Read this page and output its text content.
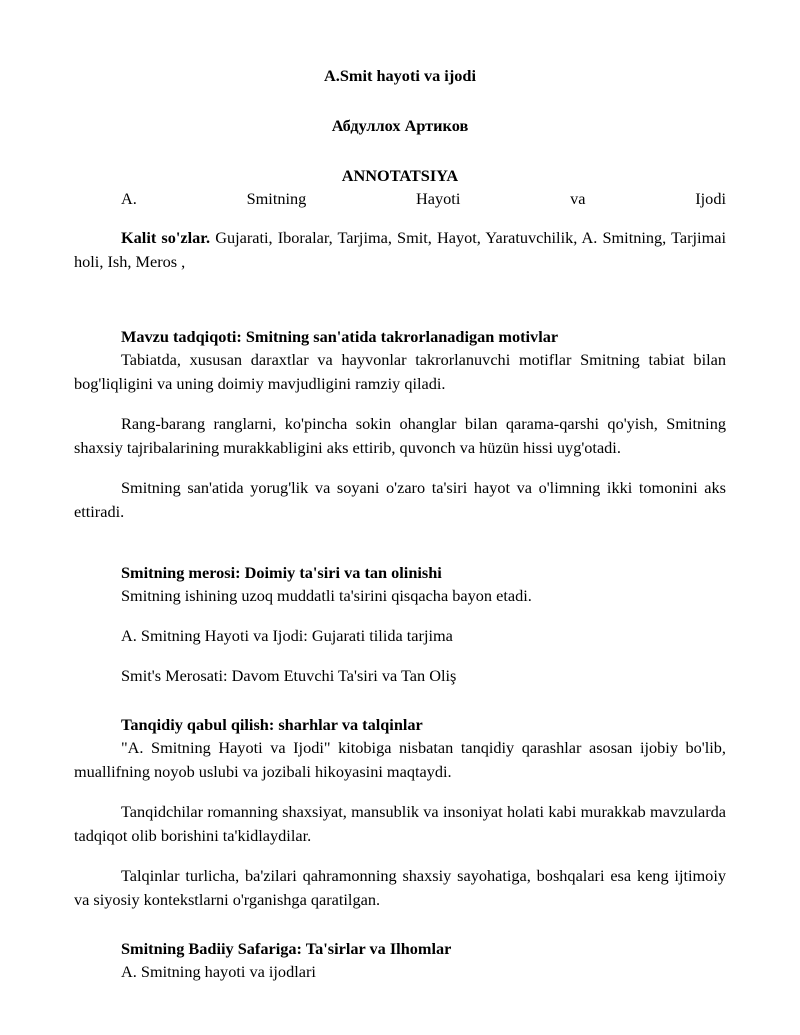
A.Smit hayoti va ijodi
Абдуллох Артиков
ANNOTATSIYA
A.	Smitning	Hayoti	va	Ijodi

Kalit so'zlar. Gujarati, Iboralar, Tarjima, Smit, Hayot, Yaratuvchilik, A. Smitning, Tarjimai holi, Ish, Meros ,

Mavzu tadqiqoti: Smitning san'atida takrorlanadigan motivlar

Tabiatda, xususan daraxtlar va hayvonlar takrorlanuvchi motiflar Smitning tabiat bilan bog'liqligini va uning doimiy mavjudligini ramziy qiladi.

Rang-barang ranglarni, ko'pincha sokin ohanglar bilan qarama-qarshi qo'yish, Smitning shaxsiy tajribalarining murakkabligini aks ettirib, quvonch va hüzün hissi uyg'otadi.

Smitning san'atida yorug'lik va soyani o'zaro ta'siri hayot va o'limning ikki tomonini aks ettiradi.

Smitning merosi: Doimiy ta'siri va tan olinishi

Smitning ishining uzoq muddatli ta'sirini qisqacha bayon etadi.

A. Smitning Hayoti va Ijodi: Gujarati tilida tarjima

Smit's Merosati: Davom Etuvchi Ta'siri va Tan Oliş

Tanqidiy qabul qilish: sharhlar va talqinlar

"A. Smitning Hayoti va Ijodi" kitobiga nisbatan tanqidiy qarashlar asosan ijobiy bo'lib, muallifning noyob uslubi va jozibali hikoyasini maqtaydi.

Tanqidchilar romanning shaxsiyat, mansublik va insoniyat holati kabi murakkab mavzularda tadqiqot olib borishini ta'kidlaydilar.

Talqinlar turlicha, ba'zilari qahramonning shaxsiy sayohatiga, boshqalari esa keng ijtimoiy va siyosiy kontekstlarni o'rganishga qaratilgan.

Smitning Badiiy Safariga: Ta'sirlar va Ilhomlar

A. Smitning hayoti va ijodlari
